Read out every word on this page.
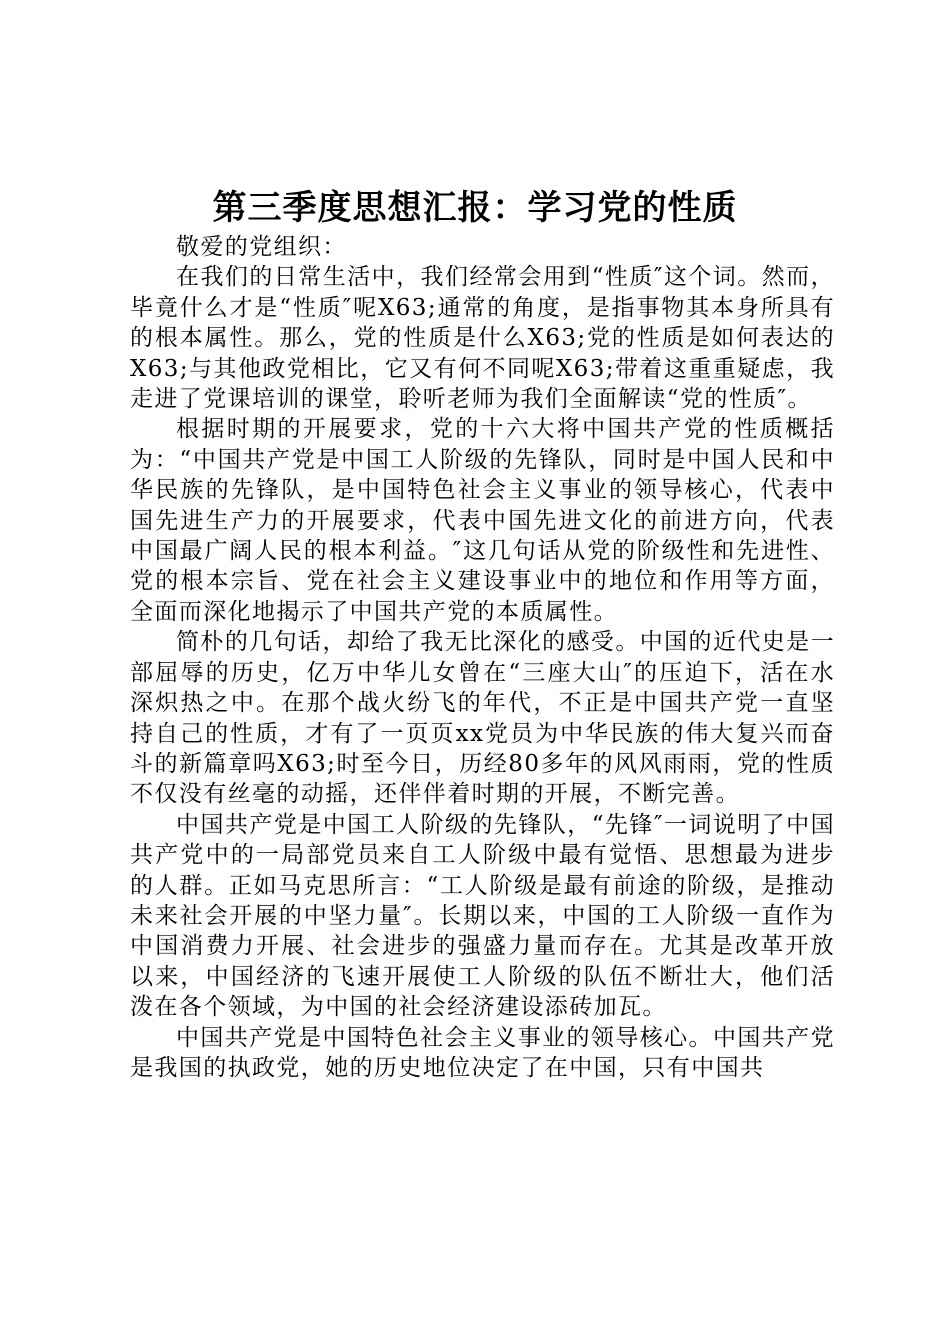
第三季度思想汇报：学习党的性质

敬爱的党组织：

在我们的日常生活中，我们经常会用到“性质″这个词。然而，毕竟什么才是“性质″呢X63;通常的角度，是指事物其本身所具有的根本属性。那么，党的性质是什么X63;党的性质是如何表达的X63;与其他政党相比，它又有何不同呢X63;带着这重重疑虑，我走进了党课培训的课堂，聆听老师为我们全面解读“党的性质″。

根据时期的开展要求，党的十六大将中国共产党的性质概括为：“中国共产党是中国工人阶级的先锋队，同时是中国人民和中华民族的先锋队，是中国特色社会主义事业的领导核心，代表中国先进生产力的开展要求，代表中国先进文化的前进方向，代表中国最广阔人民的根本利益。″这几句话从党的阶级性和先进性、党的根本宗旨、党在社会主义建设事业中的地位和作用等方面，全面而深化地揭示了中国共产党的本质属性。

简朴的几句话，却给了我无比深化的感受。中国的近代史是一部屈辱的历史，亿万中华儿女曾在“三座大山″的压迫下，活在水深炽热之中。在那个战火纷飞的年代，不正是中国共产党一直坚持自己的性质，才有了一页页xx党员为中华民族的伟大复兴而奋斗的新篇章吗X63;时至今日，历经80多年的风风雨雨，党的性质不仅没有丝毫的动摇，还伴伴着时期的开展，不断完善。

中国共产党是中国工人阶级的先锋队，“先锋″一词说明了中国共产党中的一局部党员来自工人阶级中最有觉悟、思想最为进步的人群。正如马克思所言：“工人阶级是最有前途的阶级，是推动未来社会开展的中坚力量″。长期以来，中国的工人阶级一直作为中国消费力开展、社会进步的强盛力量而存在。尤其是改革开放以来，中国经济的飞速开展使工人阶级的队伍不断壮大，他们活泼在各个领域，为中国的社会经济建设添砖加瓦。

中国共产党是中国特色社会主义事业的领导核心。中国共产党是我国的执政党，她的历史地位决定了在中国，只有中国共
